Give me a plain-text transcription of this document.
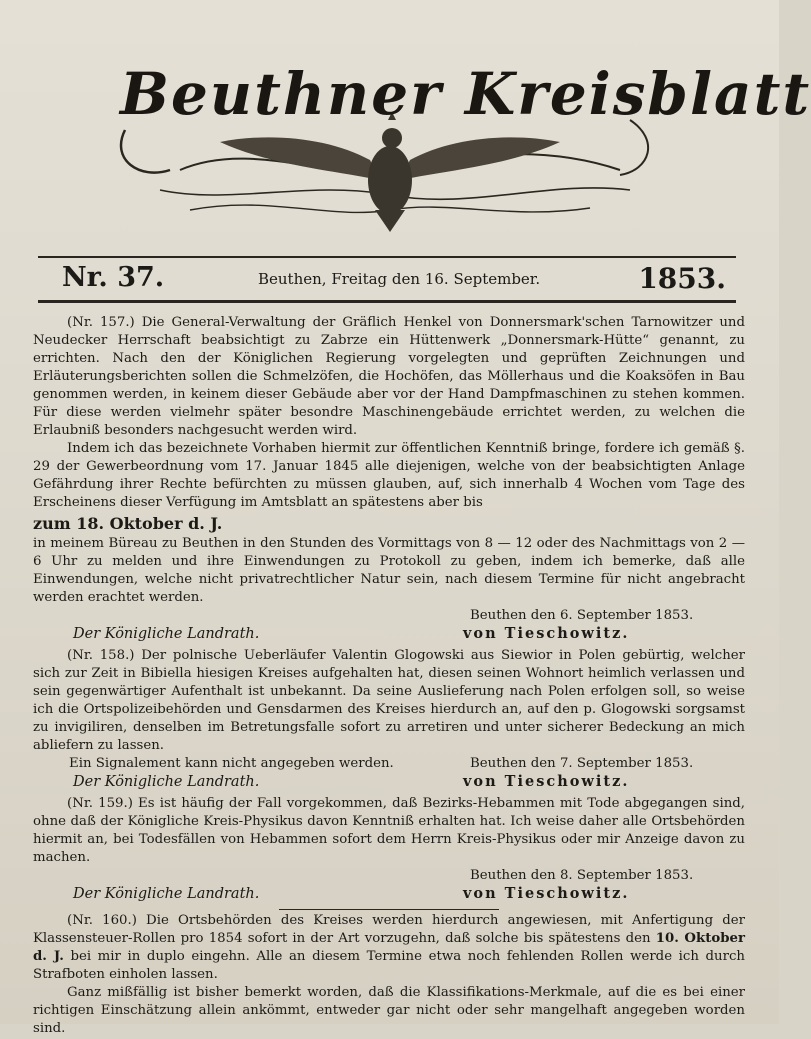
Beuthner Kreisblatt
Nr. 37.	Beuthen, Freitag den 16. September.	1853.

(Nr. 157.) Die General-Verwaltung der Gräflich Henkel von Donnersmark'schen Tarnowitzer und Neudecker Herrschaft beabsichtigt zu Zabrze ein Hüttenwerk „Donnersmark-Hütte“ genannt, zu errichten. Nach den der Königlichen Regierung vorgelegten und geprüften Zeichnungen und Erläuterungsberichten sollen die Schmelzöfen, die Hochöfen, das Möllerhaus und die Koaksöfen in Bau genommen werden, in keinem dieser Gebäude aber vor der Hand Dampfmaschinen zu stehen kommen. Für diese werden vielmehr später besondre Maschinengebäude errichtet werden, zu welchen die Erlaubniß besonders nachgesucht werden wird.

Indem ich das bezeichnete Vorhaben hiermit zur öffentlichen Kenntniß bringe, fordere ich gemäß §. 29 der Gewerbeordnung vom 17. Januar 1845 alle diejenigen, welche von der beabsichtigten Anlage Gefährdung ihrer Rechte befürchten zu müssen glauben, auf, sich innerhalb 4 Wochen vom Tage des Erscheinens dieser Verfügung im Amtsblatt an spätestens aber bis

zum 18. Oktober d. J.

in meinem Büreau zu Beuthen in den Stunden des Vormittags von 8 — 12 oder des Nachmittags von 2 — 6 Uhr zu melden und ihre Einwendungen zu Protokoll zu geben, indem ich bemerke, daß alle Einwendungen, welche nicht privatrechtlicher Natur sein, nach diesem Termine für nicht angebracht werden erachtet werden.

Beuthen den 6. September 1853.
Der Königliche Landrath.	von Tieschowitz.

(Nr. 158.) Der polnische Ueberläufer Valentin Glogowski aus Siewior in Polen gebürtig, welcher sich zur Zeit in Bibiella hiesigen Kreises aufgehalten hat, diesen seinen Wohnort heimlich verlassen und sein gegenwärtiger Aufenthalt ist unbekannt. Da seine Auslieferung nach Polen erfolgen soll, so weise ich die Ortspolizeibehörden und Gensdarmen des Kreises hierdurch an, auf den p. Glogowski sorgsamst zu invigiliren, denselben im Betretungsfalle sofort zu arretiren und unter sicherer Bedeckung an mich abliefern zu lassen.

Ein Signalement kann nicht angegeben werden.	Beuthen den 7. September 1853.
Der Königliche Landrath.	von Tieschowitz.

(Nr. 159.) Es ist häufig der Fall vorgekommen, daß Bezirks-Hebammen mit Tode abgegangen sind, ohne daß der Königliche Kreis-Physikus davon Kenntniß erhalten hat. Ich weise daher alle Ortsbehörden hiermit an, bei Todesfällen von Hebammen sofort dem Herrn Kreis-Physikus oder mir Anzeige davon zu machen.

Beuthen den 8. September 1853.
Der Königliche Landrath.	von Tieschowitz.

(Nr. 160.) Die Ortsbehörden des Kreises werden hierdurch angewiesen, mit Anfertigung der Klassensteuer-Rollen pro 1854 sofort in der Art vorzugehn, daß solche bis spätestens den 10. Oktober d. J. bei mir in duplo eingehn. Alle an diesem Termine etwa noch fehlenden Rollen werde ich durch Strafboten einholen lassen.

Ganz mißfällig ist bisher bemerkt worden, daß die Klassifikations-Merkmale, auf die es bei einer richtigen Einschätzung allein ankömmt, entweder gar nicht oder sehr mangelhaft angegeben worden sind.
